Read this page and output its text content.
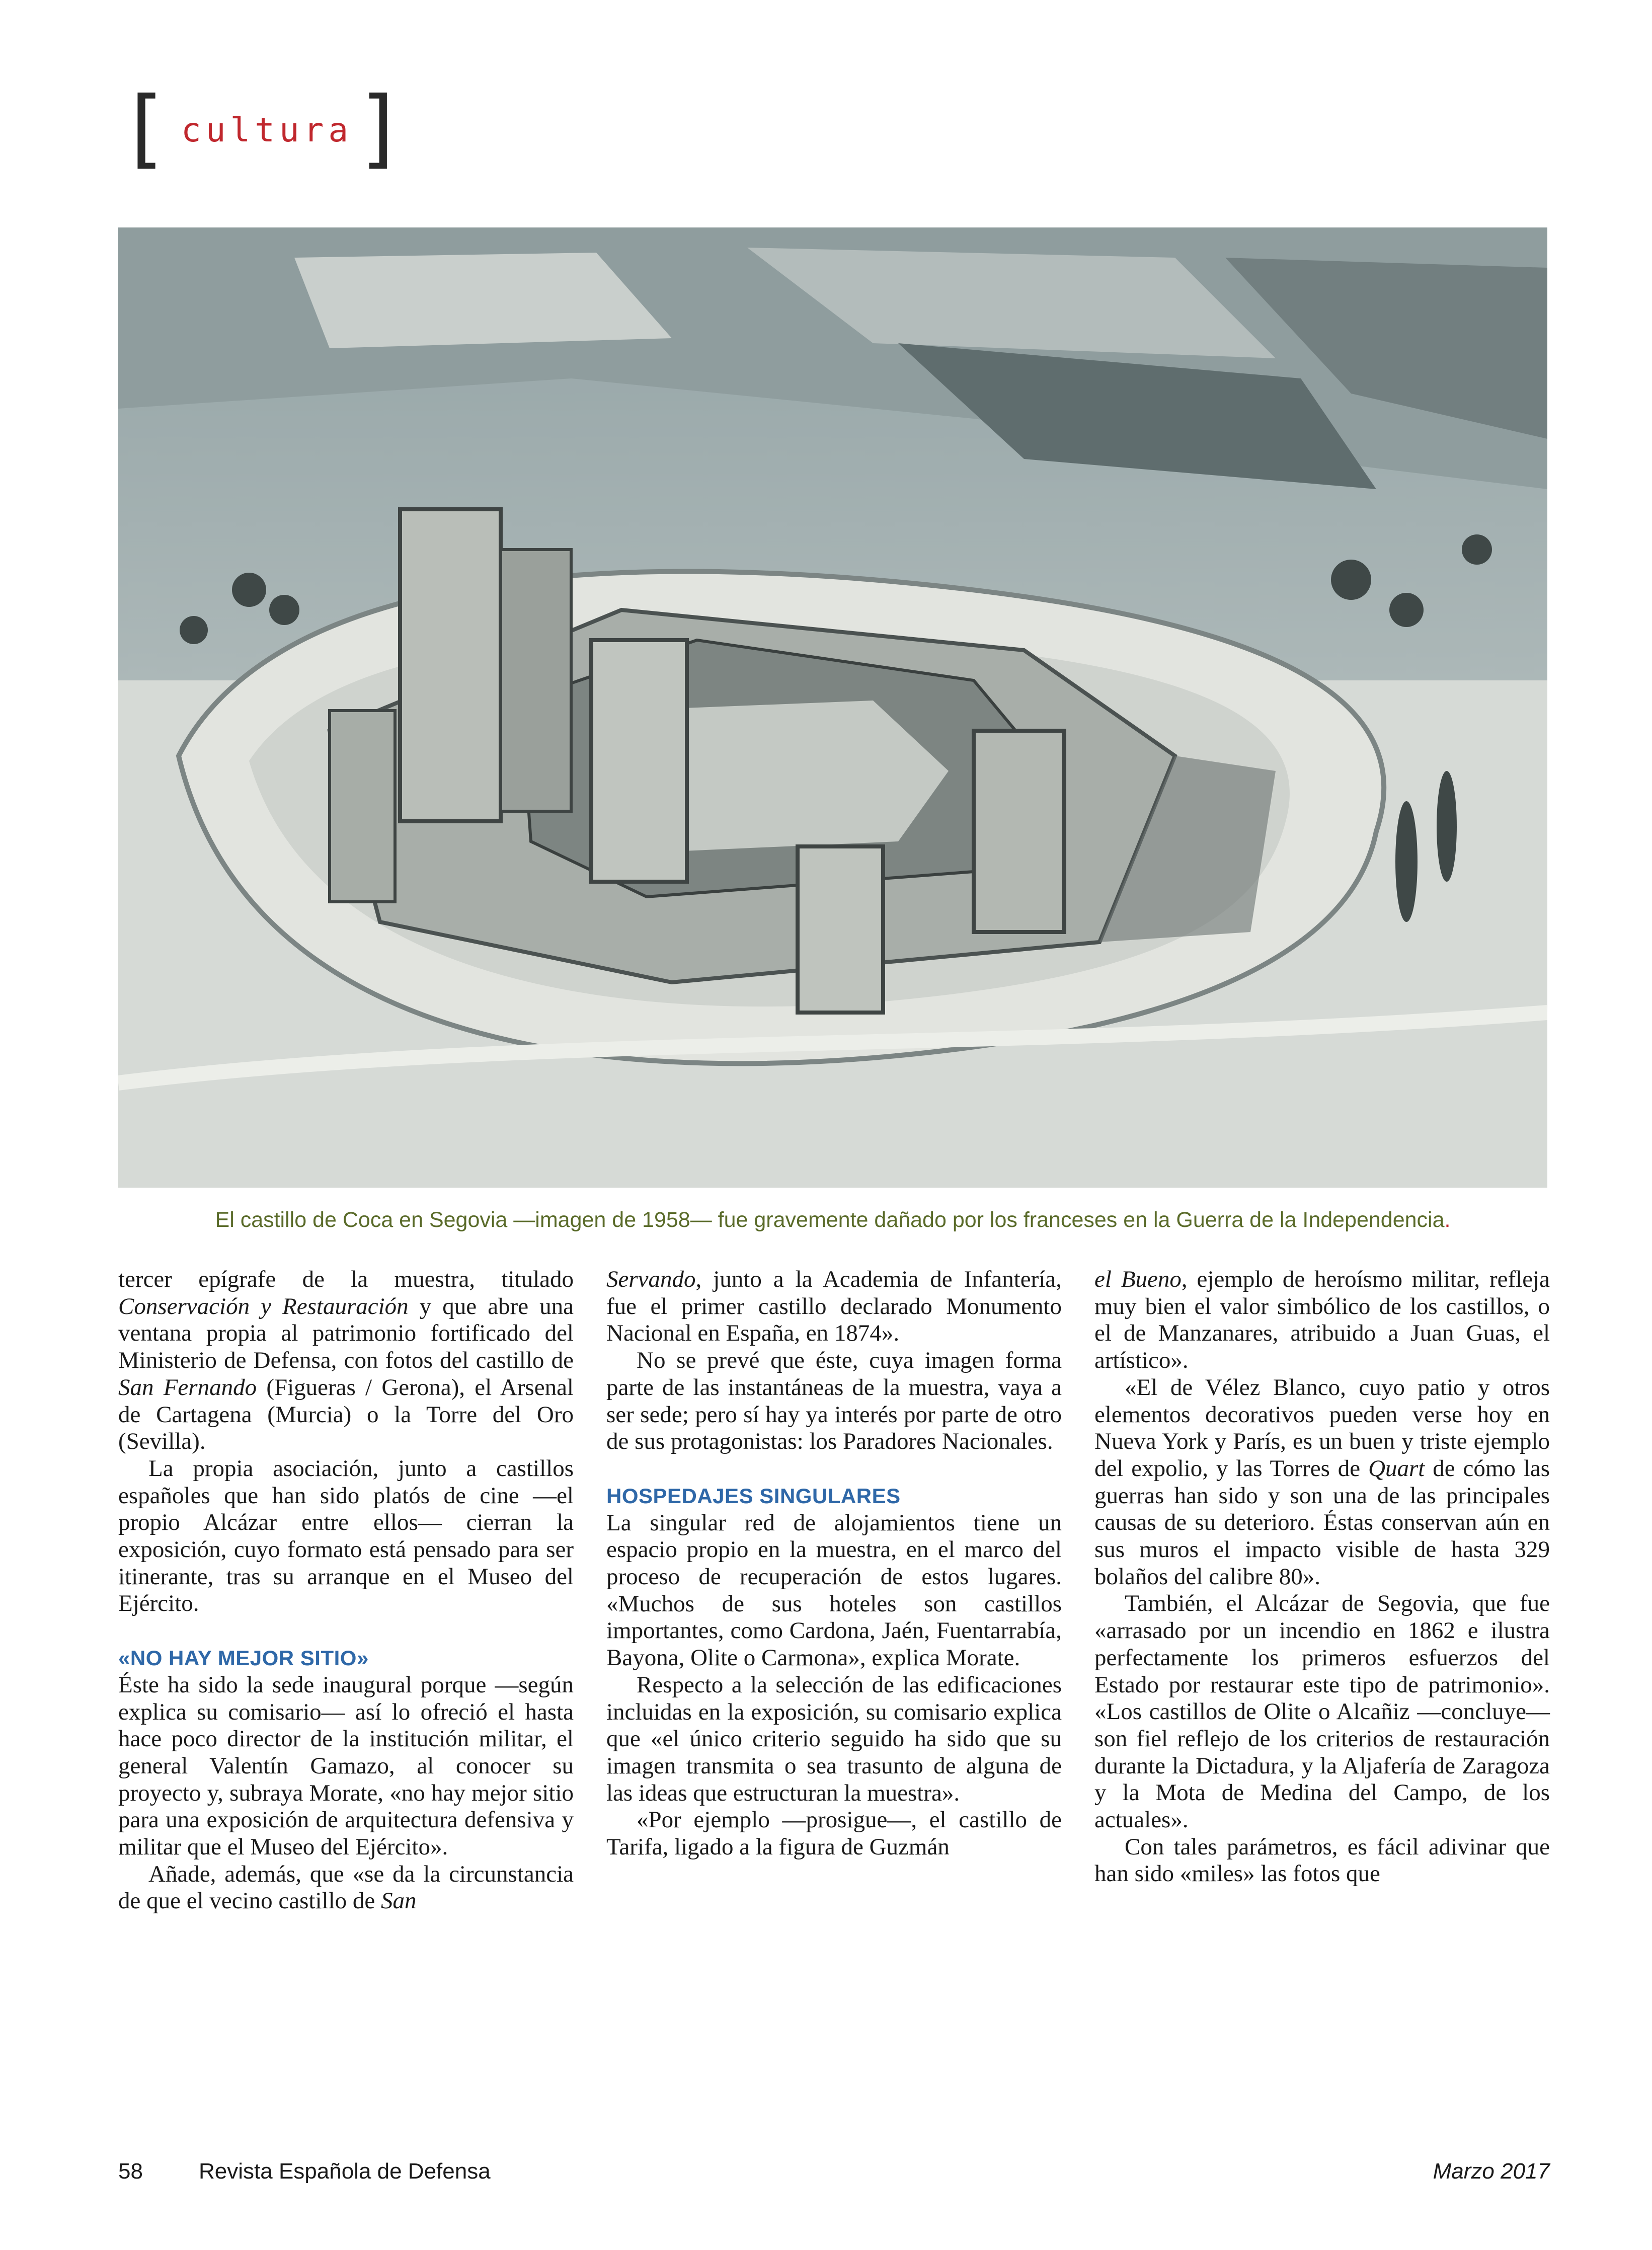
[ cultura ]
El castillo de Coca en Segovia —imagen de 1958— fue gravemente dañado por los franceses en la Guerra de la Independencia.

tercer epígrafe de la muestra, titulado Conservación y Restauración y que abre una ventana propia al patrimonio fortificado del Ministerio de Defensa, con fotos del castillo de San Fernando (Figueras / Gerona), el Arsenal de Cartagena (Murcia) o la Torre del Oro (Sevilla).

La propia asociación, junto a castillos españoles que han sido platós de cine —el propio Alcázar entre ellos— cierran la exposición, cuyo formato está pensado para ser itinerante, tras su arranque en el Museo del Ejército.

«NO HAY MEJOR SITIO»

Éste ha sido la sede inaugural porque —según explica su comisario— así lo ofreció el hasta hace poco director de la institución militar, el general Valentín Gamazo, al conocer su proyecto y, subraya Morate, «no hay mejor sitio para una exposición de arquitectura defensiva y militar que el Museo del Ejército».

Añade, además, que «se da la circunstancia de que el vecino castillo de San

Servando, junto a la Academia de Infantería, fue el primer castillo declarado Monumento Nacional en España, en 1874».

No se prevé que éste, cuya imagen forma parte de las instantáneas de la muestra, vaya a ser sede; pero sí hay ya interés por parte de otro de sus protagonistas: los Paradores Nacionales.

HOSPEDAJES SINGULARES

La singular red de alojamientos tiene un espacio propio en la muestra, en el marco del proceso de recuperación de estos lugares. «Muchos de sus hoteles son castillos importantes, como Cardona, Jaén, Fuentarrabía, Bayona, Olite o Carmona», explica Morate.

Respecto a la selección de las edificaciones incluidas en la exposición, su comisario explica que «el único criterio seguido ha sido que su imagen transmita o sea trasunto de alguna de las ideas que estructuran la muestra».

«Por ejemplo —prosigue—, el castillo de Tarifa, ligado a la figura de Guzmán

el Bueno, ejemplo de heroísmo militar, refleja muy bien el valor simbólico de los castillos, o el de Manzanares, atribuido a Juan Guas, el artístico».

«El de Vélez Blanco, cuyo patio y otros elementos decorativos pueden verse hoy en Nueva York y París, es un buen y triste ejemplo del expolio, y las Torres de Quart de cómo las guerras han sido y son una de las principales causas de su deterioro. Éstas conservan aún en sus muros el impacto visible de hasta 329 bolaños del calibre 80».

También, el Alcázar de Segovia, que fue «arrasado por un incendio en 1862 e ilustra perfectamente los primeros esfuerzos del Estado por restaurar este tipo de patrimonio». «Los castillos de Olite o Alcañiz —concluye— son fiel reflejo de los criterios de restauración durante la Dictadura, y la Aljafería de Zaragoza y la Mota de Medina del Campo, de los actuales».

Con tales parámetros, es fácil adivinar que han sido «miles» las fotos que

58	Revista Española de Defensa	Marzo 2017
